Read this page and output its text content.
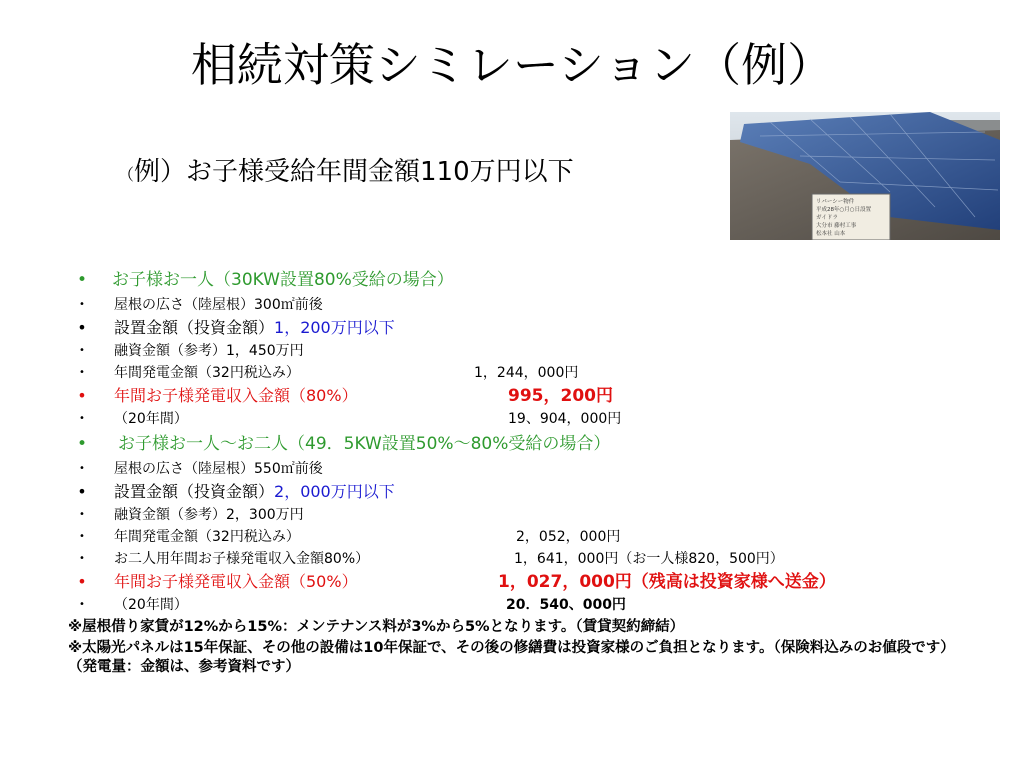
相続対策シミレーション（例）
（例）お子様受給年間金額110万円以下
リバーシー物件
平成28年○月○日設置
ガイドラ
大分市 藤村工事
松本社 山本
• お子様お一人（30KW設置80%受給の場合）
•	屋根の広さ（陸屋根）300㎡前後
• 設置金額（投資金額）1，200万円以下
•	融資金額（参考）1，450万円
•	年間発電金額（32円税込み）	1，244，000円
• 年間お子様発電収入金額（80%）	995，200円
•	（20年間）	19、904，000円
• お子様お一人～お二人（49．5KW設置50%～80%受給の場合）
•	屋根の広さ（陸屋根）550㎡前後
• 設置金額（投資金額）2，000万円以下
•	融資金額（参考）2，300万円
•	年間発電金額（32円税込み）	2，052，000円
•	お二人用年間お子様発電収入金額80%）	1，641，000円（お一人様820，500円）
• 年間お子様発電収入金額（50%）	1，027，000円（残高は投資家様へ送金）
•	（20年間）	20．540、000円
※屋根借り家賃が12%から15%：メンテナンス料が3%から5%となります。（賃貸契約締結）
※太陽光パネルは15年保証、その他の設備は10年保証で、その後の修繕費は投資家様のご負担となります。（保険料込みのお値段です）（発電量：金額は、参考資料です）
